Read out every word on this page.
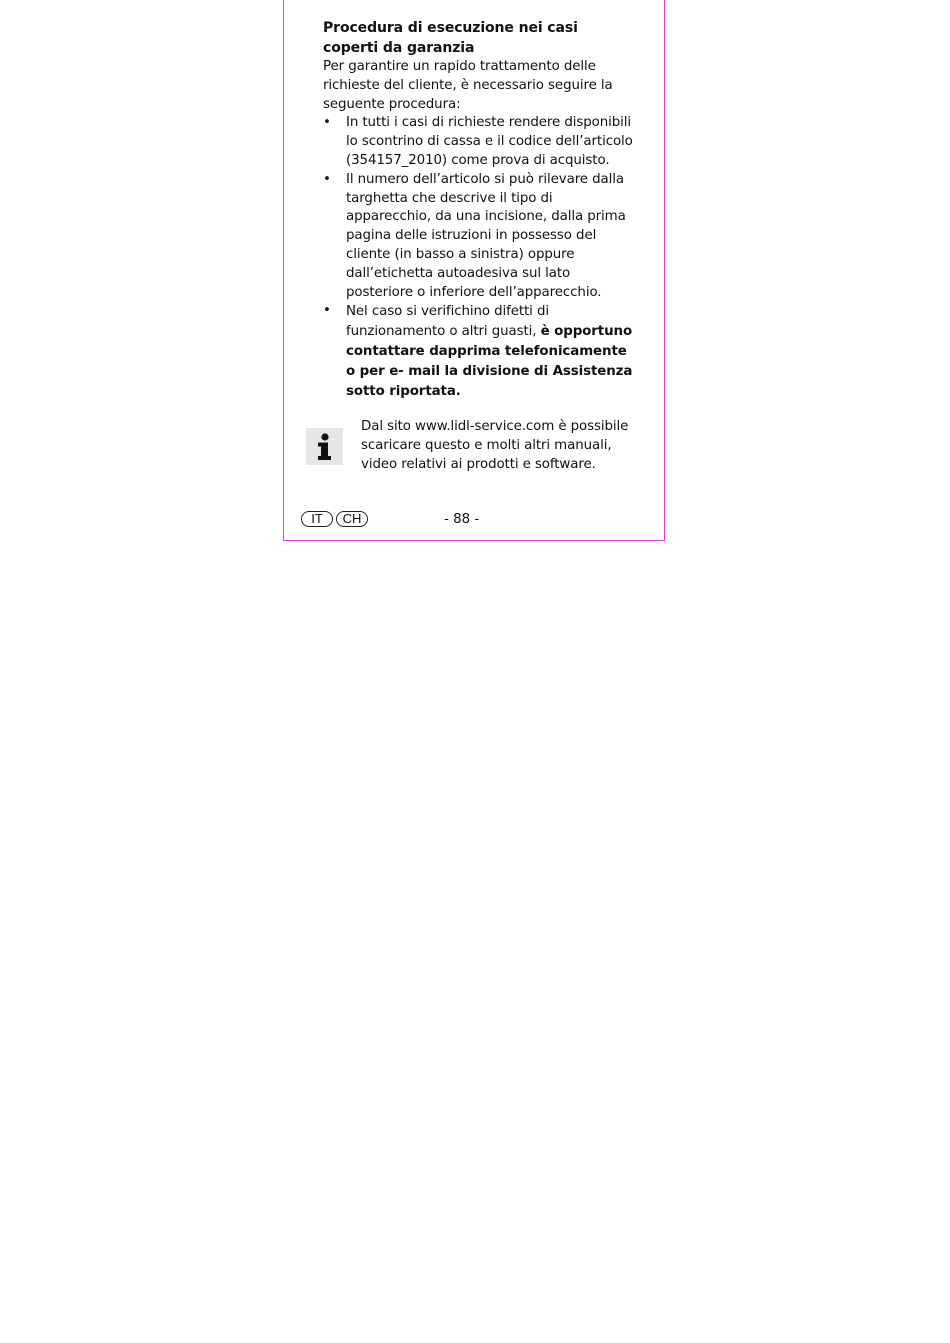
Procedura di esecuzione nei casi coperti da garanzia

Per garantire un rapido trattamento delle richieste del cliente, è necessario seguire la seguente procedura:

• In tutti i casi di richieste rendere disponibili lo scontrino di cassa e il codice dell’articolo (354157_2010) come prova di acquisto.
• Il numero dell’articolo si può rilevare dalla targhetta che descrive il tipo di apparecchio, da una incisione, dalla prima pagina delle istruzioni in possesso del cliente (in basso a sinistra) oppure dall’etichetta autoadesiva sul lato posteriore o inferiore dell’apparecchio.
• Nel caso si verifichino difetti di funzionamento o altri guasti, è opportuno contattare dapprima telefonicamente o per e- mail la divisione di Assistenza sotto riportata.

Dal sito www.lidl-service.com è possibile scaricare questo e molti altri manuali, video relativi ai prodotti e software.

IT	CH	- 88 -
